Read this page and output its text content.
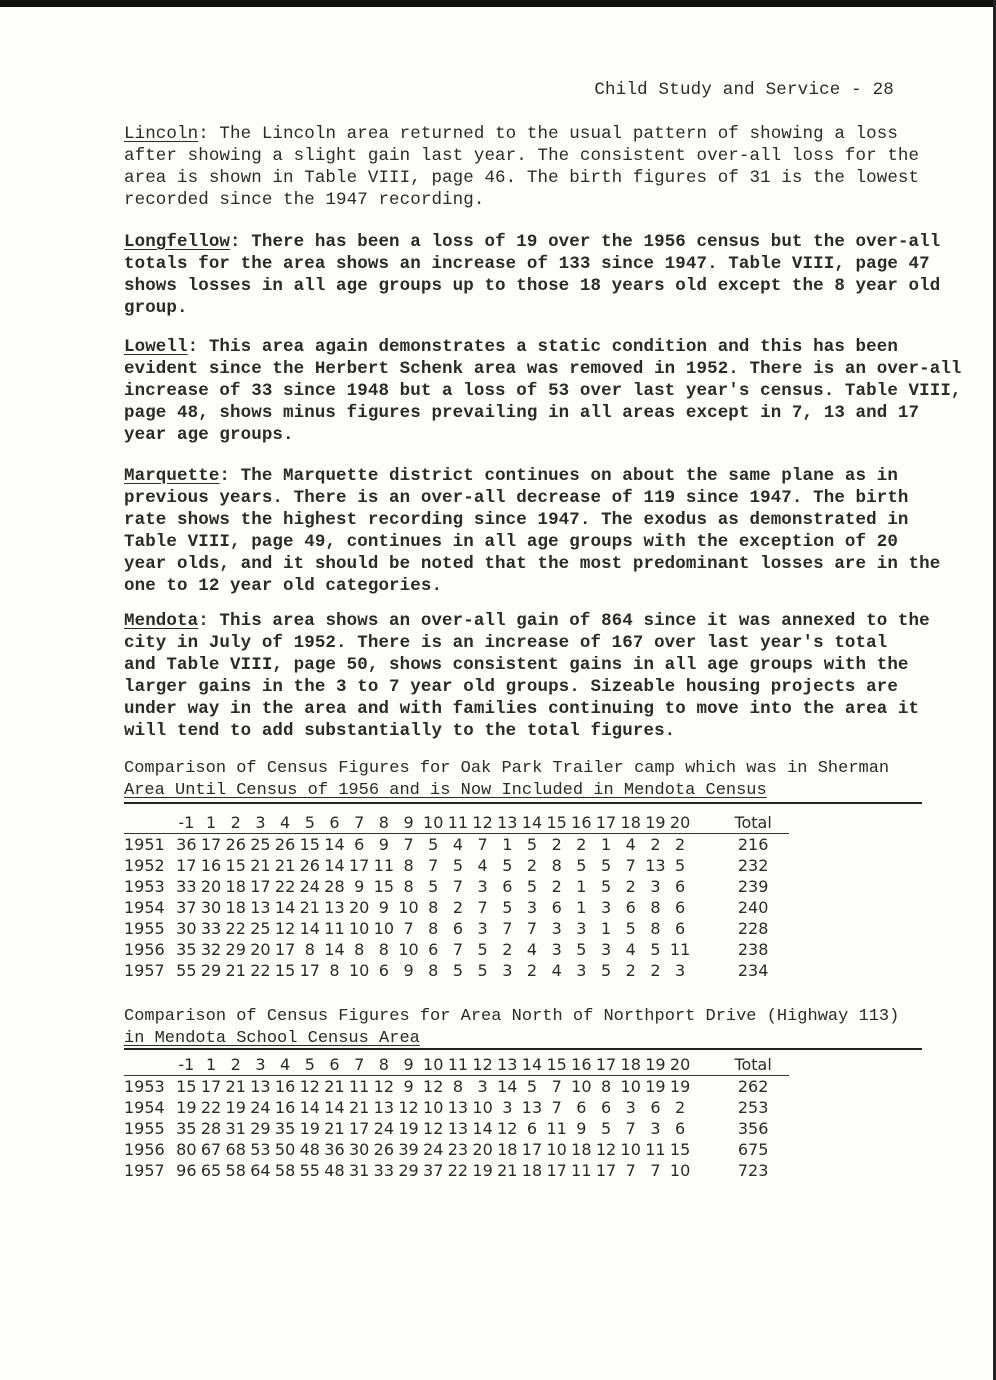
Child Study and Service - 28
Lincoln: The Lincoln area returned to the usual pattern of showing a loss
after showing a slight gain last year. The consistent over-all loss for the
area is shown in Table VIII, page 46. The birth figures of 31 is the lowest
recorded since the 1947 recording.
Longfellow: There has been a loss of 19 over the 1956 census but the over-all
totals for the area shows an increase of 133 since 1947. Table VIII, page 47
shows losses in all age groups up to those 18 years old except the 8 year old
group.
Lowell: This area again demonstrates a static condition and this has been
evident since the Herbert Schenk area was removed in 1952. There is an over-all
increase of 33 since 1948 but a loss of 53 over last year's census. Table VIII,
page 48, shows minus figures prevailing in all areas except in 7, 13 and 17
year age groups.
Marquette: The Marquette district continues on about the same plane as in
previous years. There is an over-all decrease of 119 since 1947. The birth
rate shows the highest recording since 1947. The exodus as demonstrated in
Table VIII, page 49, continues in all age groups with the exception of 20
year olds, and it should be noted that the most predominant losses are in the
one to 12 year old categories.
Mendota: This area shows an over-all gain of 864 since it was annexed to the
city in July of 1952. There is an increase of 167 over last year's total
and Table VIII, page 50, shows consistent gains in all age groups with the
larger gains in the 3 to 7 year old groups. Sizeable housing projects are
under way in the area and with families continuing to move into the area it
will tend to add substantially to the total figures.
Comparison of Census Figures for Oak Park Trailer camp which was in Sherman
Area Until Census of 1956 and is Now Included in Mendota Census
	-1	1	2	3	4	5	6	7	8	9	10	11	12	13	14	15	16	17	18	19	20		Total
1951	36	17	26	25	26	15	14	6	9	7	5	4	7	1	5	2	2	1	4	2	2		216
1952	17	16	15	21	21	26	14	17	11	8	7	5	4	5	2	8	5	5	7	13	5		232
1953	33	20	18	17	22	24	28	9	15	8	5	7	3	6	5	2	1	5	2	3	6		239
1954	37	30	18	13	14	21	13	20	9	10	8	2	7	5	3	6	1	3	6	8	6		240
1955	30	33	22	25	12	14	11	10	10	7	8	6	3	7	7	3	3	1	5	8	6		228
1956	35	32	29	20	17	8	14	8	8	10	6	7	5	2	4	3	5	3	4	5	11		238
1957	55	29	21	22	15	17	8	10	6	9	8	5	5	3	2	4	3	5	2	2	3		234
Comparison of Census Figures for Area North of Northport Drive (Highway 113)
in Mendota School Census Area
	-1	1	2	3	4	5	6	7	8	9	10	11	12	13	14	15	16	17	18	19	20		Total
1953	15	17	21	13	16	12	21	11	12	9	12	8	3	14	5	7	10	8	10	19	19		262
1954	19	22	19	24	16	14	14	21	13	12	10	13	10	3	13	7	6	6	3	6	2		253
1955	35	28	31	29	35	19	21	17	24	19	12	13	14	12	6	11	9	5	7	3	6		356
1956	80	67	68	53	50	48	36	30	26	39	24	23	20	18	17	10	18	12	10	11	15		675
1957	96	65	58	64	58	55	48	31	33	29	37	22	19	21	18	17	11	17	7	7	10		723
